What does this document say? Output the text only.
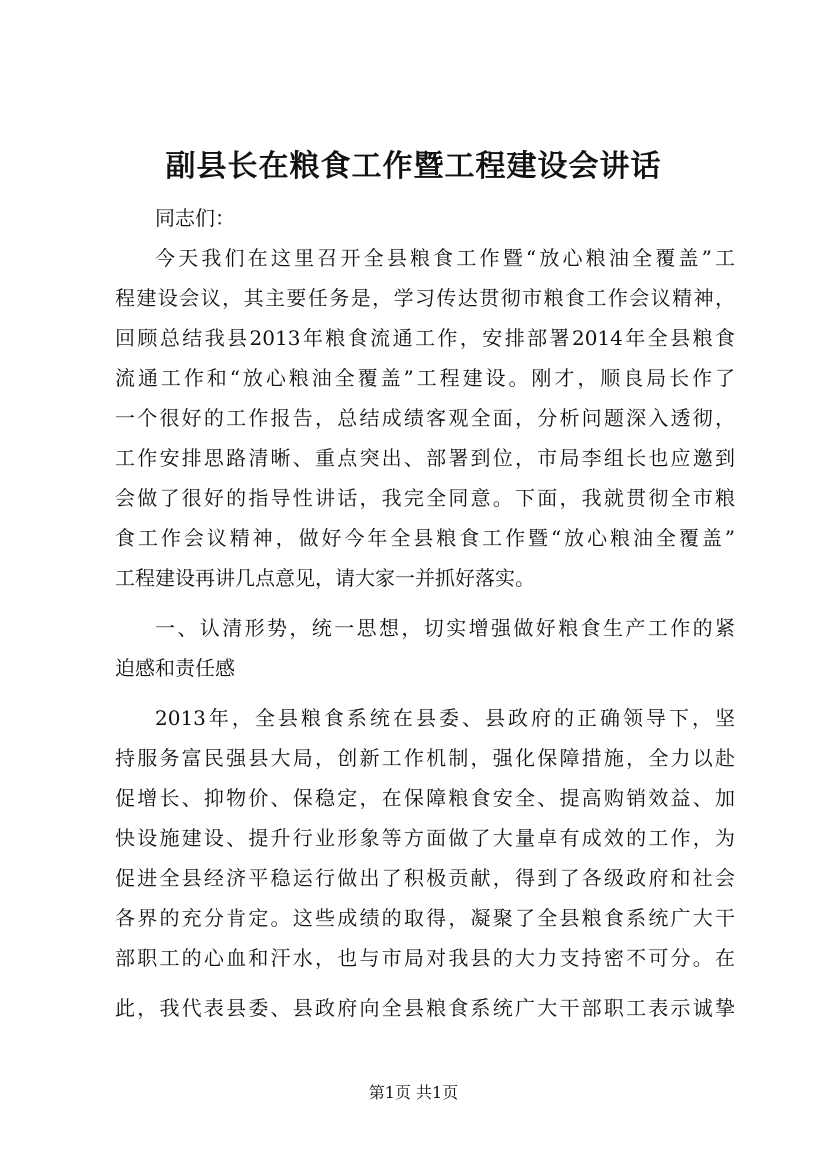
副县长在粮食工作暨工程建设会讲话
同志们：
今天我们在这里召开全县粮食工作暨“放心粮油全覆盖”工
程建设会议，其主要任务是，学习传达贯彻市粮食工作会议精神，
回顾总结我县2013年粮食流通工作，安排部署2014年全县粮食
流通工作和“放心粮油全覆盖”工程建设。刚才，顺良局长作了
一个很好的工作报告，总结成绩客观全面，分析问题深入透彻，
工作安排思路清晰、重点突出、部署到位，市局李组长也应邀到
会做了很好的指导性讲话，我完全同意。下面，我就贯彻全市粮
食工作会议精神，做好今年全县粮食工作暨“放心粮油全覆盖”
工程建设再讲几点意见，请大家一并抓好落实。
一、认清形势，统一思想，切实增强做好粮食生产工作的紧
迫感和责任感
2013年，全县粮食系统在县委、县政府的正确领导下，坚
持服务富民强县大局，创新工作机制，强化保障措施，全力以赴
促增长、抑物价、保稳定，在保障粮食安全、提高购销效益、加
快设施建设、提升行业形象等方面做了大量卓有成效的工作，为
促进全县经济平稳运行做出了积极贡献，得到了各级政府和社会
各界的充分肯定。这些成绩的取得，凝聚了全县粮食系统广大干
部职工的心血和汗水，也与市局对我县的大力支持密不可分。在
此，我代表县委、县政府向全县粮食系统广大干部职工表示诚挚
第1页 共1页
